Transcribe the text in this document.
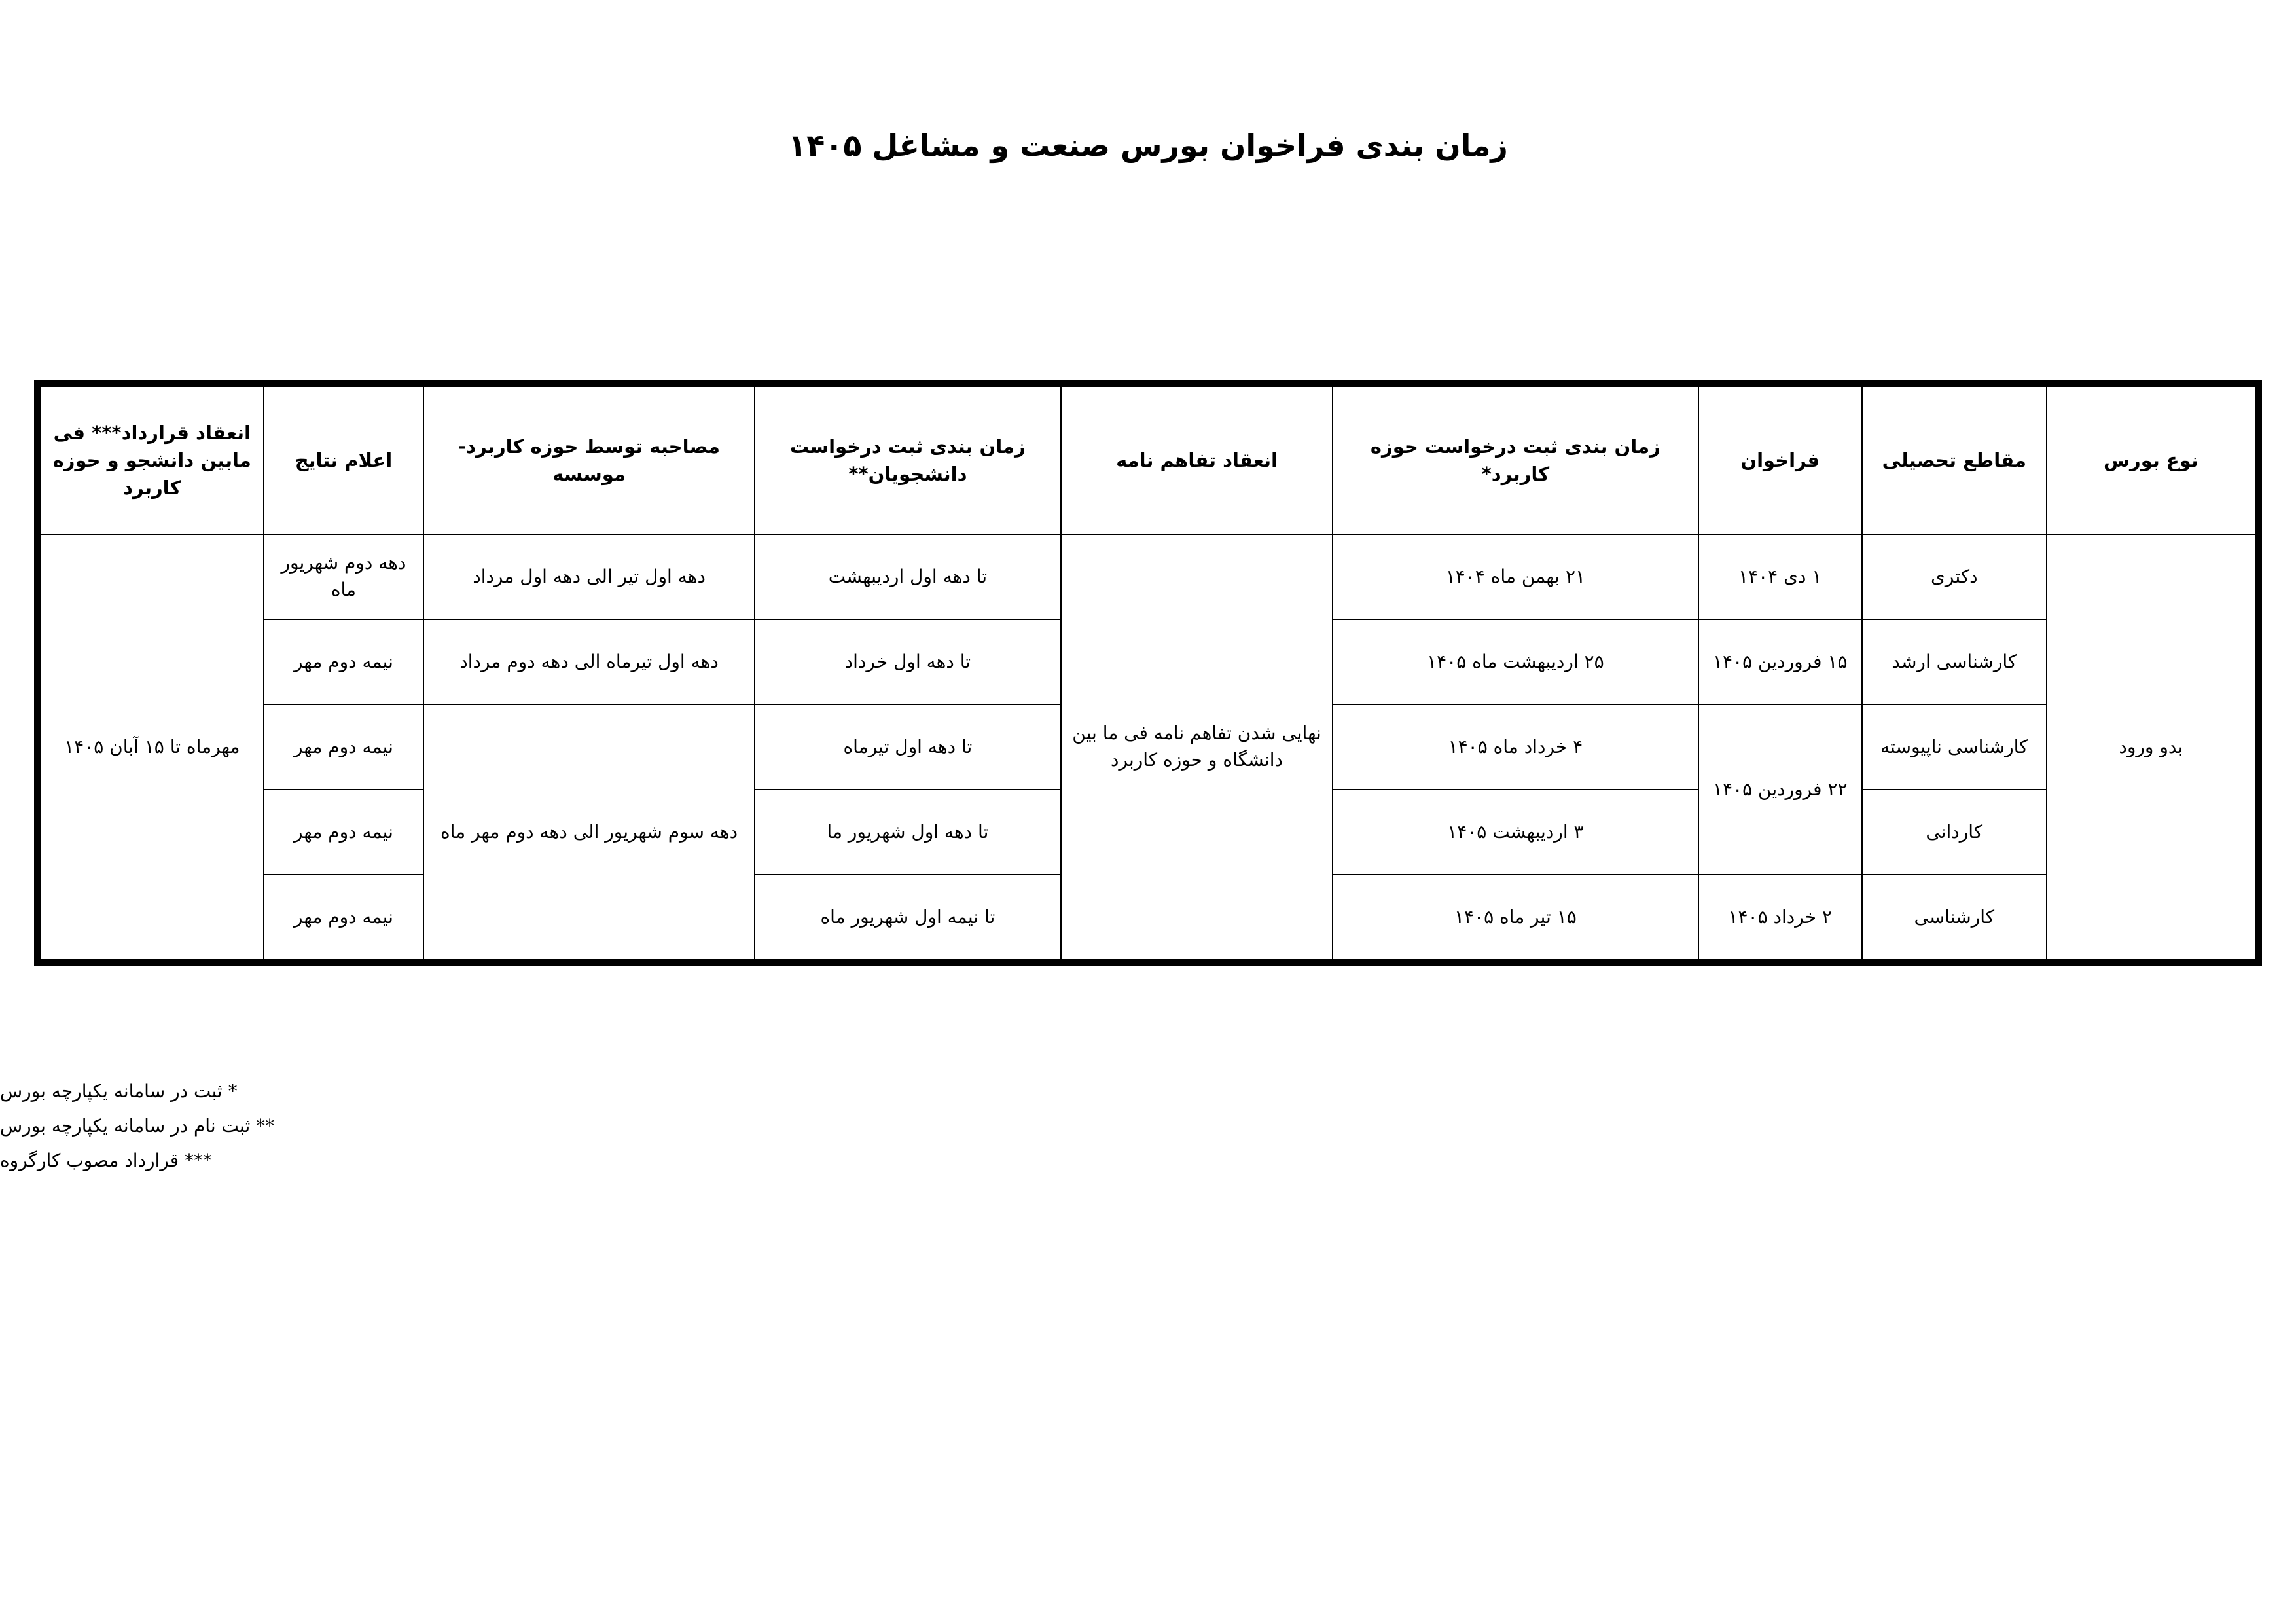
زمان بندی فراخوان بورس صنعت و مشاغل ۱۴۰۵
نوع بورس	مقاطع تحصیلی	فراخوان	زمان بندی ثبت درخواست حوزه کاربرد*	انعقاد تفاهم نامه	زمان بندی ثبت درخواست دانشجویان**	مصاحبه توسط حوزه کاربرد- موسسه	اعلام نتایج	انعقاد قرارداد*** فی مابین دانشجو و حوزه کاربرد
بدو ورود	دکتری	۱ دی ۱۴۰۴	۲۱ بهمن ماه ۱۴۰۴	نهایی شدن تفاهم نامه فی ما بین دانشگاه و حوزه کاربرد	تا دهه اول اردیبهشت	دهه اول تیر الی دهه اول مرداد	دهه دوم شهریور ماه	مهرماه تا ۱۵ آبان ۱۴۰۵
	کارشناسی ارشد	۱۵ فروردین ۱۴۰۵	۲۵ اردیبهشت ماه ۱۴۰۵		تا دهه اول خرداد	دهه اول تیرماه الی دهه دوم مرداد	نیمه دوم مهر	
	کارشناسی ناپیوسته	۲۲ فروردین ۱۴۰۵	۴ خرداد ماه ۱۴۰۵		تا دهه اول تیرماه	دهه سوم شهریور الی دهه دوم مهر ماه	نیمه دوم مهر	
	کاردانی		۳ اردیبهشت ۱۴۰۵		تا دهه اول شهریور ما		نیمه دوم مهر	
	کارشناسی	۲ خرداد ۱۴۰۵	۱۵ تیر ماه ۱۴۰۵		تا نیمه اول شهریور ماه		نیمه دوم مهر	
* ثبت در سامانه یکپارچه بورس
** ثبت نام در سامانه یکپارچه بورس
*** قرارداد مصوب کارگروه
